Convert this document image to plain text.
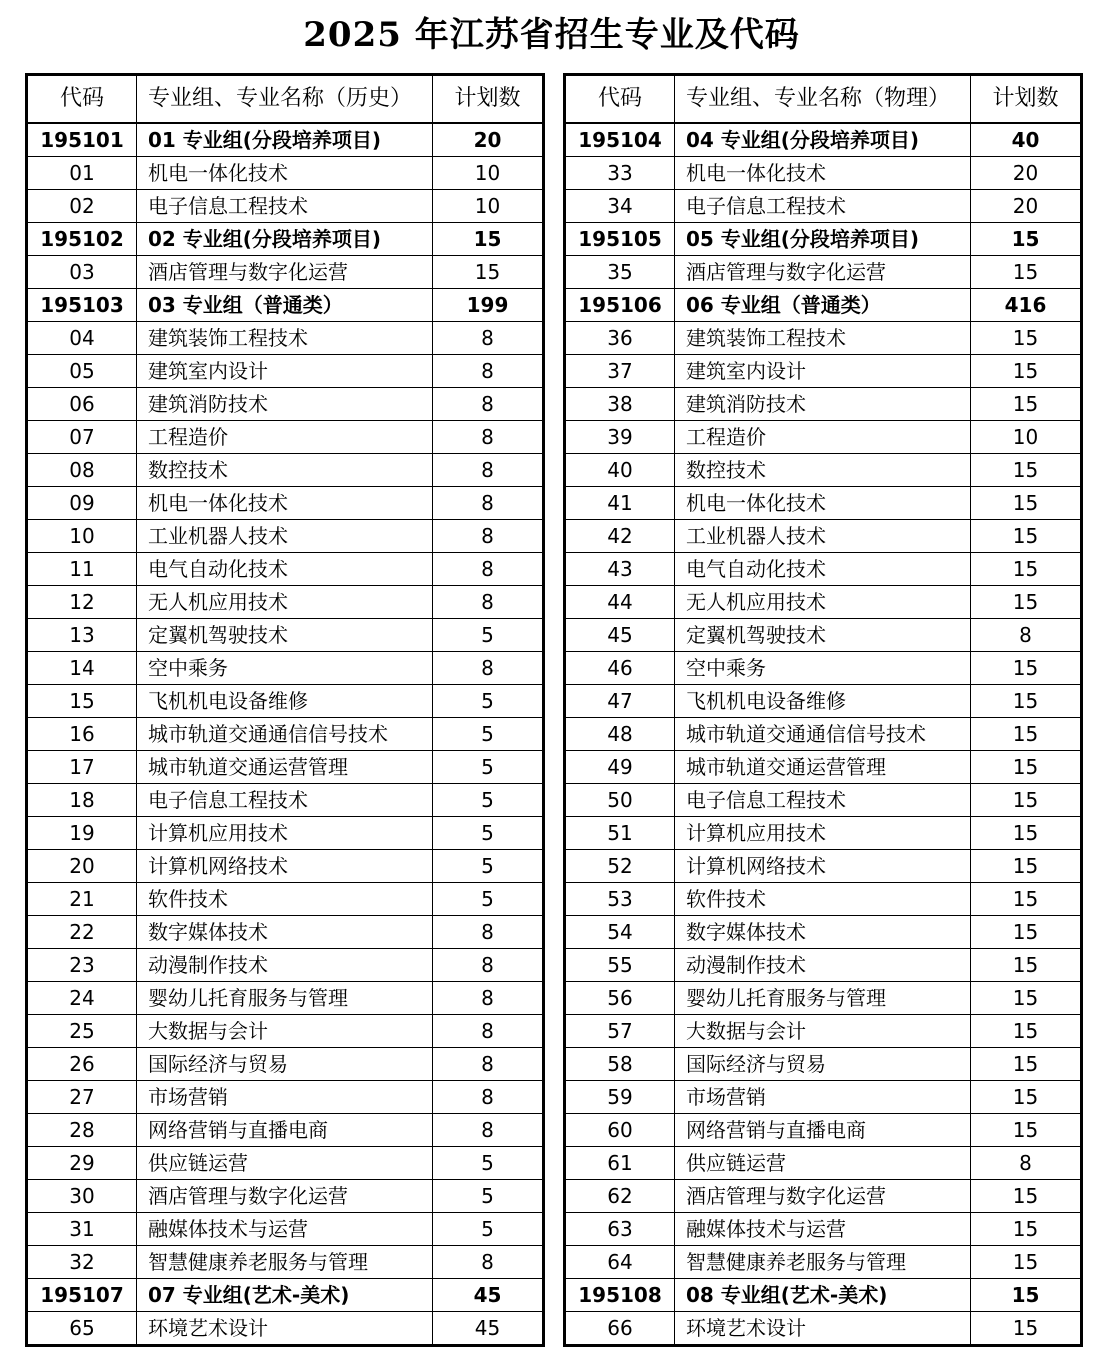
2025 年江苏省招生专业及代码
代码	专业组、专业名称（历史）	计划数
195101	01 专业组(分段培养项目)	20
01	机电一体化技术	10
02	电子信息工程技术	10
195102	02 专业组(分段培养项目)	15
03	酒店管理与数字化运营	15
195103	03 专业组（普通类）	199
04	建筑装饰工程技术	8
05	建筑室内设计	8
06	建筑消防技术	8
07	工程造价	8
08	数控技术	8
09	机电一体化技术	8
10	工业机器人技术	8
11	电气自动化技术	8
12	无人机应用技术	8
13	定翼机驾驶技术	5
14	空中乘务	8
15	飞机机电设备维修	5
16	城市轨道交通通信信号技术	5
17	城市轨道交通运营管理	5
18	电子信息工程技术	5
19	计算机应用技术	5
20	计算机网络技术	5
21	软件技术	5
22	数字媒体技术	8
23	动漫制作技术	8
24	婴幼儿托育服务与管理	8
25	大数据与会计	8
26	国际经济与贸易	8
27	市场营销	8
28	网络营销与直播电商	8
29	供应链运营	5
30	酒店管理与数字化运营	5
31	融媒体技术与运营	5
32	智慧健康养老服务与管理	8
195107	07 专业组(艺术-美术)	45
65	环境艺术设计	45
代码	专业组、专业名称（物理）	计划数
195104	04 专业组(分段培养项目)	40
33	机电一体化技术	20
34	电子信息工程技术	20
195105	05 专业组(分段培养项目)	15
35	酒店管理与数字化运营	15
195106	06 专业组（普通类）	416
36	建筑装饰工程技术	15
37	建筑室内设计	15
38	建筑消防技术	15
39	工程造价	10
40	数控技术	15
41	机电一体化技术	15
42	工业机器人技术	15
43	电气自动化技术	15
44	无人机应用技术	15
45	定翼机驾驶技术	8
46	空中乘务	15
47	飞机机电设备维修	15
48	城市轨道交通通信信号技术	15
49	城市轨道交通运营管理	15
50	电子信息工程技术	15
51	计算机应用技术	15
52	计算机网络技术	15
53	软件技术	15
54	数字媒体技术	15
55	动漫制作技术	15
56	婴幼儿托育服务与管理	15
57	大数据与会计	15
58	国际经济与贸易	15
59	市场营销	15
60	网络营销与直播电商	15
61	供应链运营	8
62	酒店管理与数字化运营	15
63	融媒体技术与运营	15
64	智慧健康养老服务与管理	15
195108	08 专业组(艺术-美术)	15
66	环境艺术设计	15
